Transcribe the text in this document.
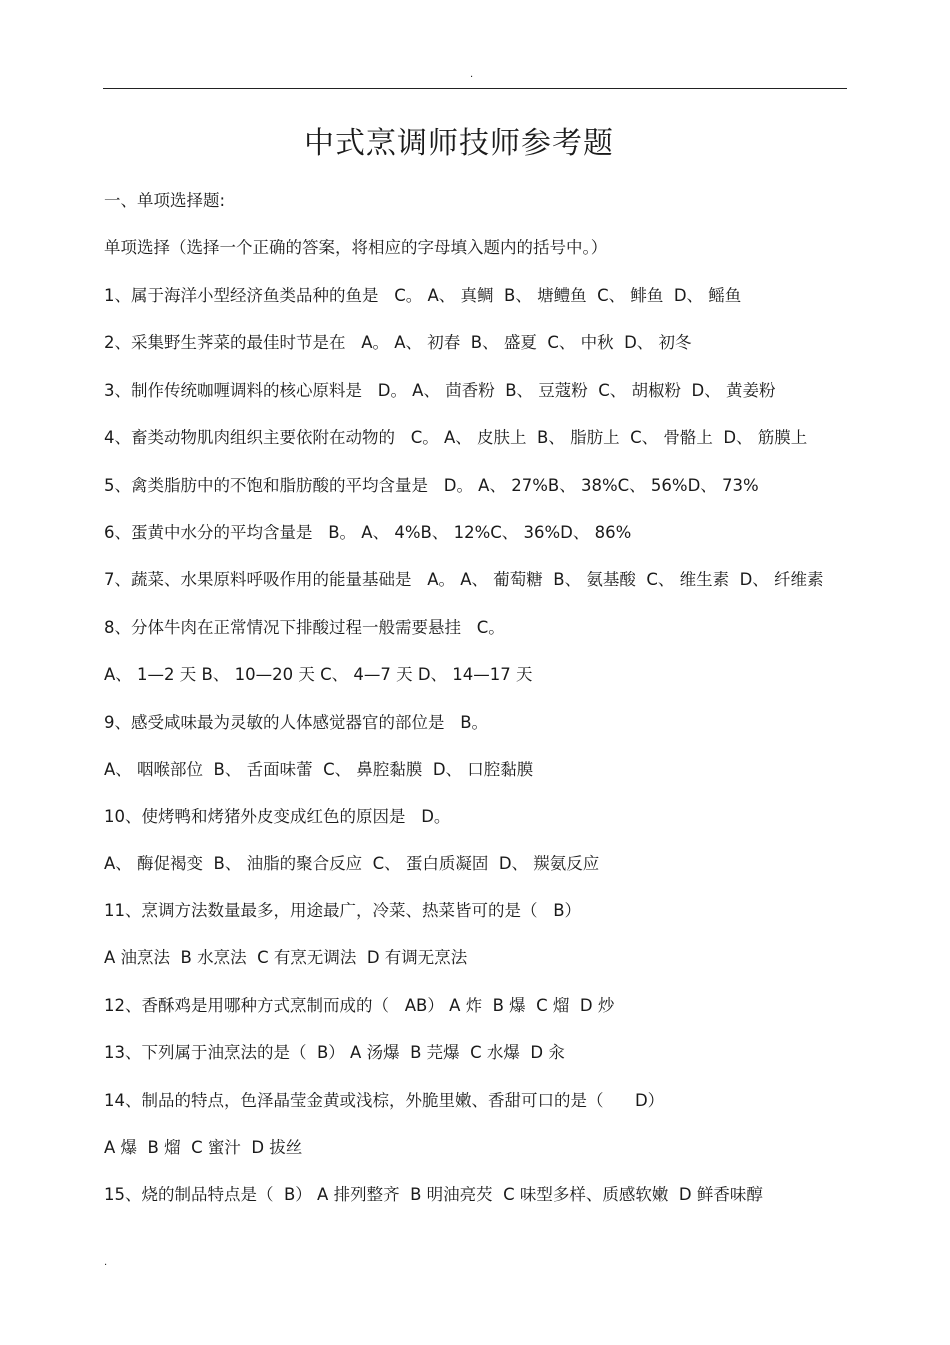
.
中式烹调师技师参考题

一、单项选择题:

单项选择（选择一个正确的答案，将相应的字母填入题内的括号中。）

1、属于海洋小型经济鱼类品种的鱼是   C。 A、 真鲷  B、 塘鳢鱼  C、 鲱鱼  D、 鳐鱼

2、采集野生荠菜的最佳时节是在   A。 A、 初春  B、 盛夏  C、 中秋  D、 初冬

3、制作传统咖喱调料的核心原料是   D。 A、 茴香粉  B、 豆蔻粉  C、 胡椒粉  D、 黄姜粉

4、畜类动物肌肉组织主要依附在动物的   C。 A、 皮肤上  B、 脂肪上  C、 骨骼上  D、 筋膜上

5、禽类脂肪中的不饱和脂肪酸的平均含量是   D。 A、 27%B、 38%C、 56%D、 73%

6、蛋黄中水分的平均含量是   B。 A、 4%B、 12%C、 36%D、 86%

7、蔬菜、水果原料呼吸作用的能量基础是   A。 A、 葡萄糖  B、 氨基酸  C、 维生素  D、 纤维素

8、分体牛肉在正常情况下排酸过程一般需要悬挂   C。

A、 1—2 天 B、 10—20 天 C、 4—7 天 D、 14—17 天

9、感受咸味最为灵敏的人体感觉器官的部位是   B。

A、 咽喉部位  B、 舌面味蕾  C、 鼻腔黏膜  D、 口腔黏膜

10、使烤鸭和烤猪外皮变成红色的原因是   D。

A、 酶促褐变  B、 油脂的聚合反应  C、 蛋白质凝固  D、 羰氨反应

11、烹调方法数量最多，用途最广，冷菜、热菜皆可的是（   B）

A 油烹法  B 水烹法  C 有烹无调法  D 有调无烹法

12、香酥鸡是用哪种方式烹制而成的（   AB） A 炸  B 爆  C 熘  D 炒

13、下列属于油烹法的是（  B） A 汤爆  B 芫爆  C 水爆  D 汆

14、制品的特点，色泽晶莹金黄或浅棕，外脆里嫩、香甜可口的是（      D）

A 爆  B 熘  C 蜜汁  D 拔丝

15、烧的制品特点是（  B） A 排列整齐  B 明油亮芡  C 味型多样、质感软嫩  D 鲜香味醇

.
